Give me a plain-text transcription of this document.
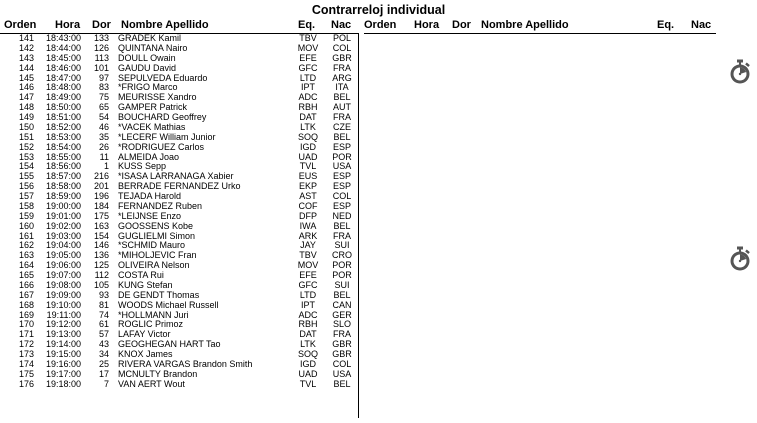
Contrarreloj individual
Orden Hora Dor Nombre Apellido	Eq. Nac Orden Hora Dor Nombre Apellido	Eq. Nac
141	18:43:00	133 GRADEK Kamil	TBV	POL
142	18:44:00	126 QUINTANA Nairo	MOV	COL
143	18:45:00	113 DOULL Owain	EFE	GBR
144	18:46:00	101 GAUDU David	GFC	FRA
145	18:47:00	97 SEPULVEDA Eduardo	LTD	ARG
146	18:48:00	83 *FRIGO Marco	IPT	ITA
147	18:49:00	75 MEURISSE Xandro	ADC	BEL
148	18:50:00	65 GAMPER Patrick	RBH	AUT
149	18:51:00	54 BOUCHARD Geoffrey	DAT	FRA
150	18:52:00	46 *VACEK Mathias	LTK	CZE
151	18:53:00	35 *LECERF William Junior	SOQ	BEL
152	18:54:00	26 *RODRIGUEZ Carlos	IGD	ESP
153	18:55:00	11 ALMEIDA Joao	UAD	POR
154	18:56:00	1 KUSS Sepp	TVL	USA
155	18:57:00	216 *ISASA LARRANAGA Xabier	EUS	ESP
156	18:58:00	201 BERRADE FERNANDEZ Urko	EKP	ESP
157	18:59:00	196 TEJADA Harold	AST	COL
158	19:00:00	184 FERNANDEZ Ruben	COF	ESP
159	19:01:00	175 *LEIJNSE Enzo	DFP	NED
160	19:02:00	163 GOOSSENS Kobe	IWA	BEL
161	19:03:00	154 GUGLIELMI Simon	ARK	FRA
162	19:04:00	146 *SCHMID Mauro	JAY	SUI
163	19:05:00	136 *MIHOLJEVIĆ Fran	TBV	CRO
164	19:06:00	125 OLIVEIRA Nelson	MOV	POR
165	19:07:00	112 COSTA Rui	EFE	POR
166	19:08:00	105 KUNG Stefan	GFC	SUI
167	19:09:00	93 DE GENDT Thomas	LTD	BEL
168	19:10:00	81 WOODS Michael Russell	IPT	CAN
169	19:11:00	74 *HOLLMANN Juri	ADC	GER
170	19:12:00	61 ROGLIC Primoz	RBH	SLO
171	19:13:00	57 LAFAY Victor	DAT	FRA
172	19:14:00	43 GEOGHEGAN HART Tao	LTK	GBR
173	19:15:00	34 KNOX James	SOQ	GBR
174	19:16:00	25 RIVERA VARGAS Brandon Smith	IGD	COL
175	19:17:00	17 MCNULTY Brandon	UAD	USA
176	19:18:00	7 VAN AERT Wout	TVL	BEL
